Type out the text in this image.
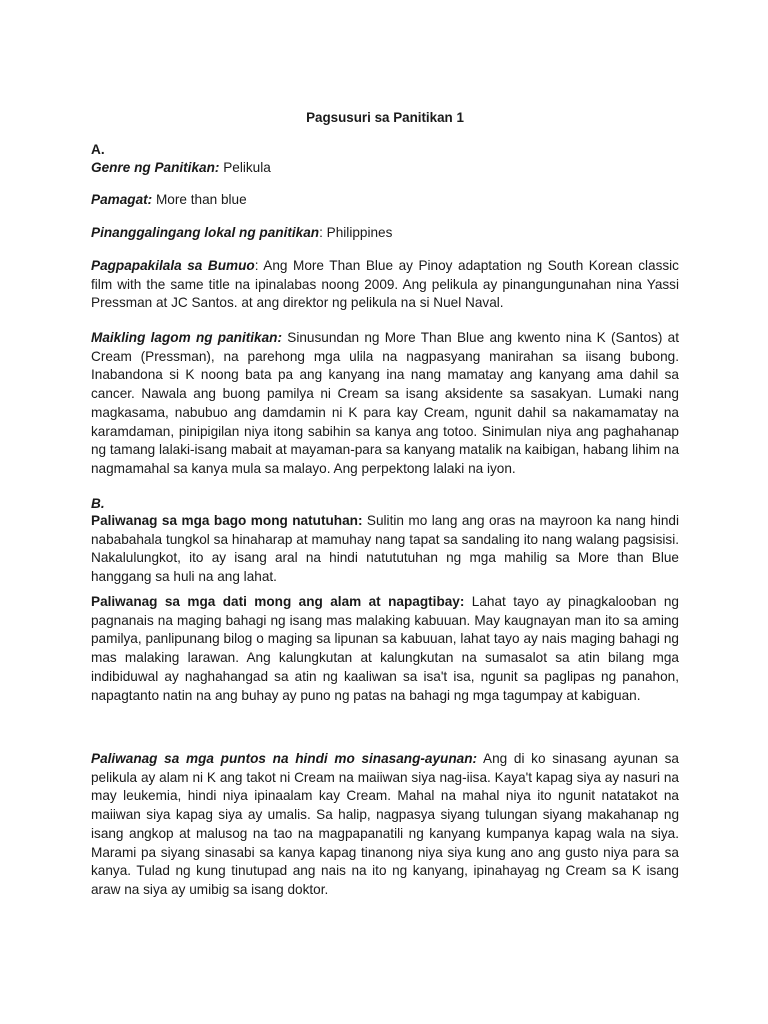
Pagsusuri sa Panitikan 1
A.

Genre ng Panitikan: Pelikula

Pamagat: More than blue

Pinanggalingang lokal ng panitikan: Philippines

Pagpapakilala sa Bumuo: Ang More Than Blue ay Pinoy adaptation ng South Korean classic film with the same title na ipinalabas noong 2009. Ang pelikula ay pinangungunahan nina Yassi Pressman at JC Santos. at ang direktor ng pelikula na si Nuel Naval.

Maikling lagom ng panitikan: Sinusundan ng More Than Blue ang kwento nina K (Santos) at Cream (Pressman), na parehong mga ulila na nagpasyang manirahan sa iisang bubong. Inabandona si K noong bata pa ang kanyang ina nang mamatay ang kanyang ama dahil sa cancer. Nawala ang buong pamilya ni Cream sa isang aksidente sa sasakyan. Lumaki nang magkasama, nabubuo ang damdamin ni K para kay Cream, ngunit dahil sa nakamamatay na karamdaman, pinipigilan niya itong sabihin sa kanya ang totoo. Sinimulan niya ang paghahanap ng tamang lalaki-isang mabait at mayaman-para sa kanyang matalik na kaibigan, habang lihim na nagmamahal sa kanya mula sa malayo. Ang perpektong lalaki na iyon.

B.

Paliwanag sa mga bago mong natutuhan: Sulitin mo lang ang oras na mayroon ka nang hindi nababahala tungkol sa hinaharap at mamuhay nang tapat sa sandaling ito nang walang pagsisisi. Nakalulungkot, ito ay isang aral na hindi natututuhan ng mga mahilig sa More than Blue hanggang sa huli na ang lahat.

Paliwanag sa mga dati mong ang alam at napagtibay: Lahat tayo ay pinagkalooban ng pagnanais na maging bahagi ng isang mas malaking kabuuan. May kaugnayan man ito sa aming pamilya, panlipunang bilog o maging sa lipunan sa kabuuan, lahat tayo ay nais maging bahagi ng mas malaking larawan. Ang kalungkutan at kalungkutan na sumasalot sa atin bilang mga indibiduwal ay naghahangad sa atin ng kaaliwan sa isa't isa, ngunit sa paglipas ng panahon, napagtanto natin na ang buhay ay puno ng patas na bahagi ng mga tagumpay at kabiguan.

Paliwanag sa mga puntos na hindi mo sinasang-ayunan: Ang di ko sinasang ayunan sa pelikula ay alam ni K ang takot ni Cream na maiiwan siya nag-iisa. Kaya't kapag siya ay nasuri na may leukemia, hindi niya ipinaalam kay Cream. Mahal na mahal niya ito ngunit natatakot na maiiwan siya kapag siya ay umalis. Sa halip, nagpasya siyang tulungan siyang makahanap ng isang angkop at malusog na tao na magpapanatili ng kanyang kumpanya kapag wala na siya. Marami pa siyang sinasabi sa kanya kapag tinanong niya siya kung ano ang gusto niya para sa kanya. Tulad ng kung tinutupad ang nais na ito ng kanyang, ipinahayag ng Cream sa K isang araw na siya ay umibig sa isang doktor.
